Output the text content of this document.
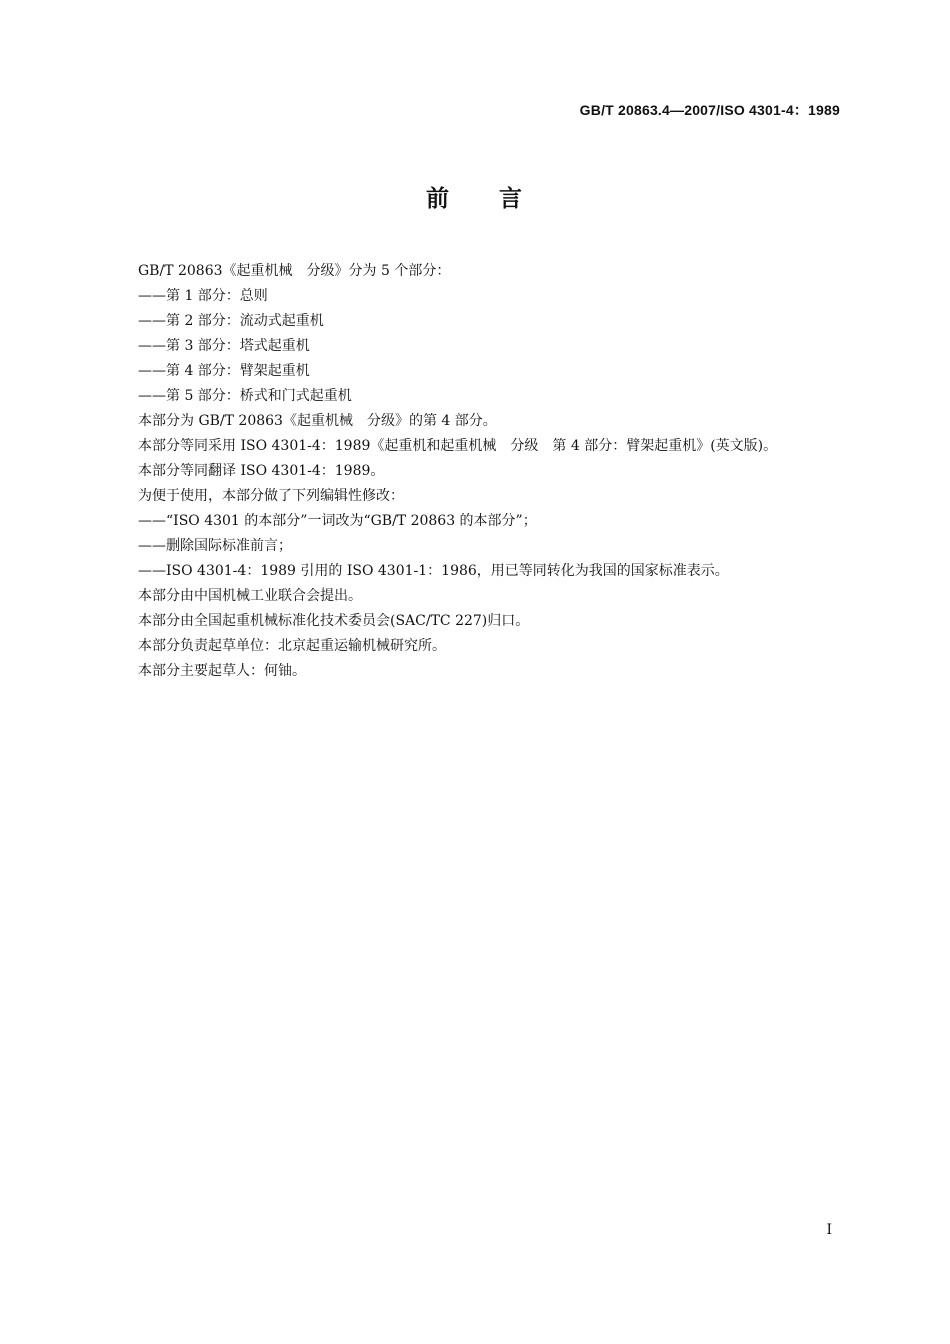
GB/T 20863.4—2007/ISO 4301-4：1989
前 言
GB/T 20863《起重机械　分级》分为 5 个部分：
——第 1 部分：总则
——第 2 部分：流动式起重机
——第 3 部分：塔式起重机
——第 4 部分：臂架起重机
——第 5 部分：桥式和门式起重机
本部分为 GB/T 20863《起重机械　分级》的第 4 部分。
本部分等同采用 ISO 4301-4：1989《起重机和起重机械　分级　第 4 部分：臂架起重机》(英文版)。
本部分等同翻译 ISO 4301-4：1989。
为便于使用，本部分做了下列编辑性修改：
——“ISO 4301 的本部分”一词改为“GB/T 20863 的本部分”；
——删除国际标准前言；
——ISO 4301-4：1989 引用的 ISO 4301-1：1986，用已等同转化为我国的国家标准表示。
本部分由中国机械工业联合会提出。
本部分由全国起重机械标准化技术委员会(SAC/TC 227)归口。
本部分负责起草单位：北京起重运输机械研究所。
本部分主要起草人：何铀。
I
